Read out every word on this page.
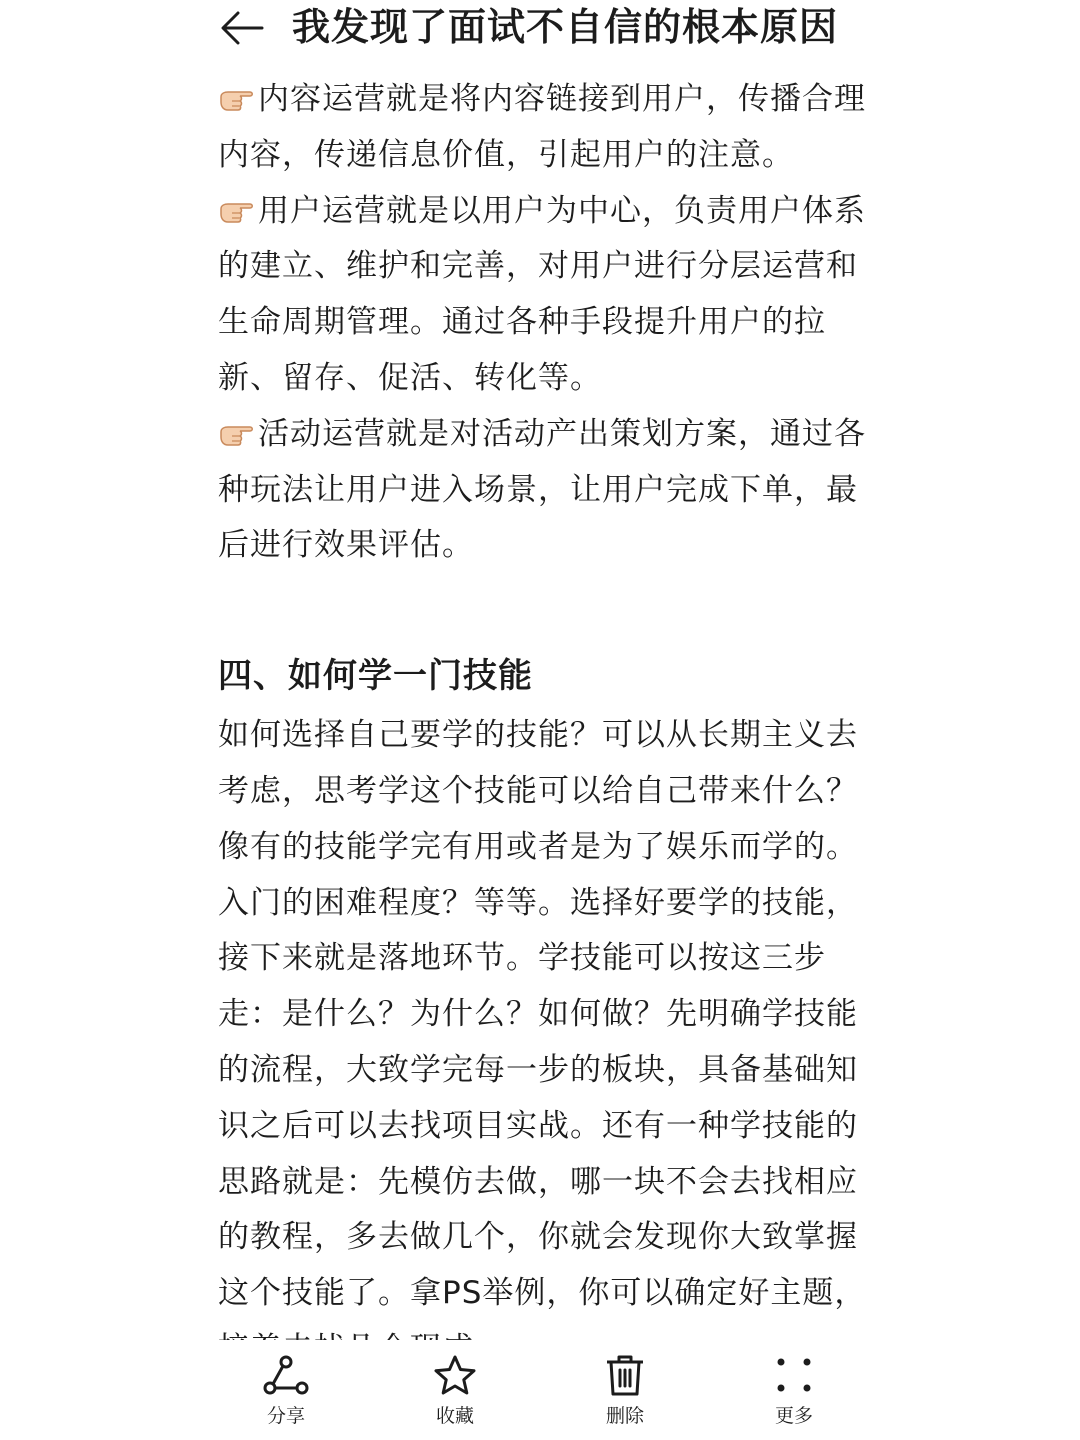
我发现了面试不自信的根本原因

内容运营就是将内容链接到用户，传播合理内容，传递信息价值，引起用户的注意。

用户运营就是以用户为中心，负责用户体系的建立、维护和完善，对用户进行分层运营和生命周期管理。通过各种手段提升用户的拉新、留存、促活、转化等。

活动运营就是对活动产出策划方案，通过各种玩法让用户进入场景，让用户完成下单，最后进行效果评估。

四、如何学一门技能

如何选择自己要学的技能？可以从长期主义去考虑，思考学这个技能可以给自己带来什么？像有的技能学完有用或者是为了娱乐而学的。入门的困难程度？等等。选择好要学的技能，接下来就是落地环节。学技能可以按这三步走：是什么？为什么？如何做？先明确学技能的流程，大致学完每一步的板块，具备基础知识之后可以去找项目实战。还有一种学技能的思路就是：先模仿去做，哪一块不会去找相应的教程，多去做几个，你就会发现你大致掌握这个技能了。拿PS举例，你可以确定好主题，

分享	收藏	删除	更多
